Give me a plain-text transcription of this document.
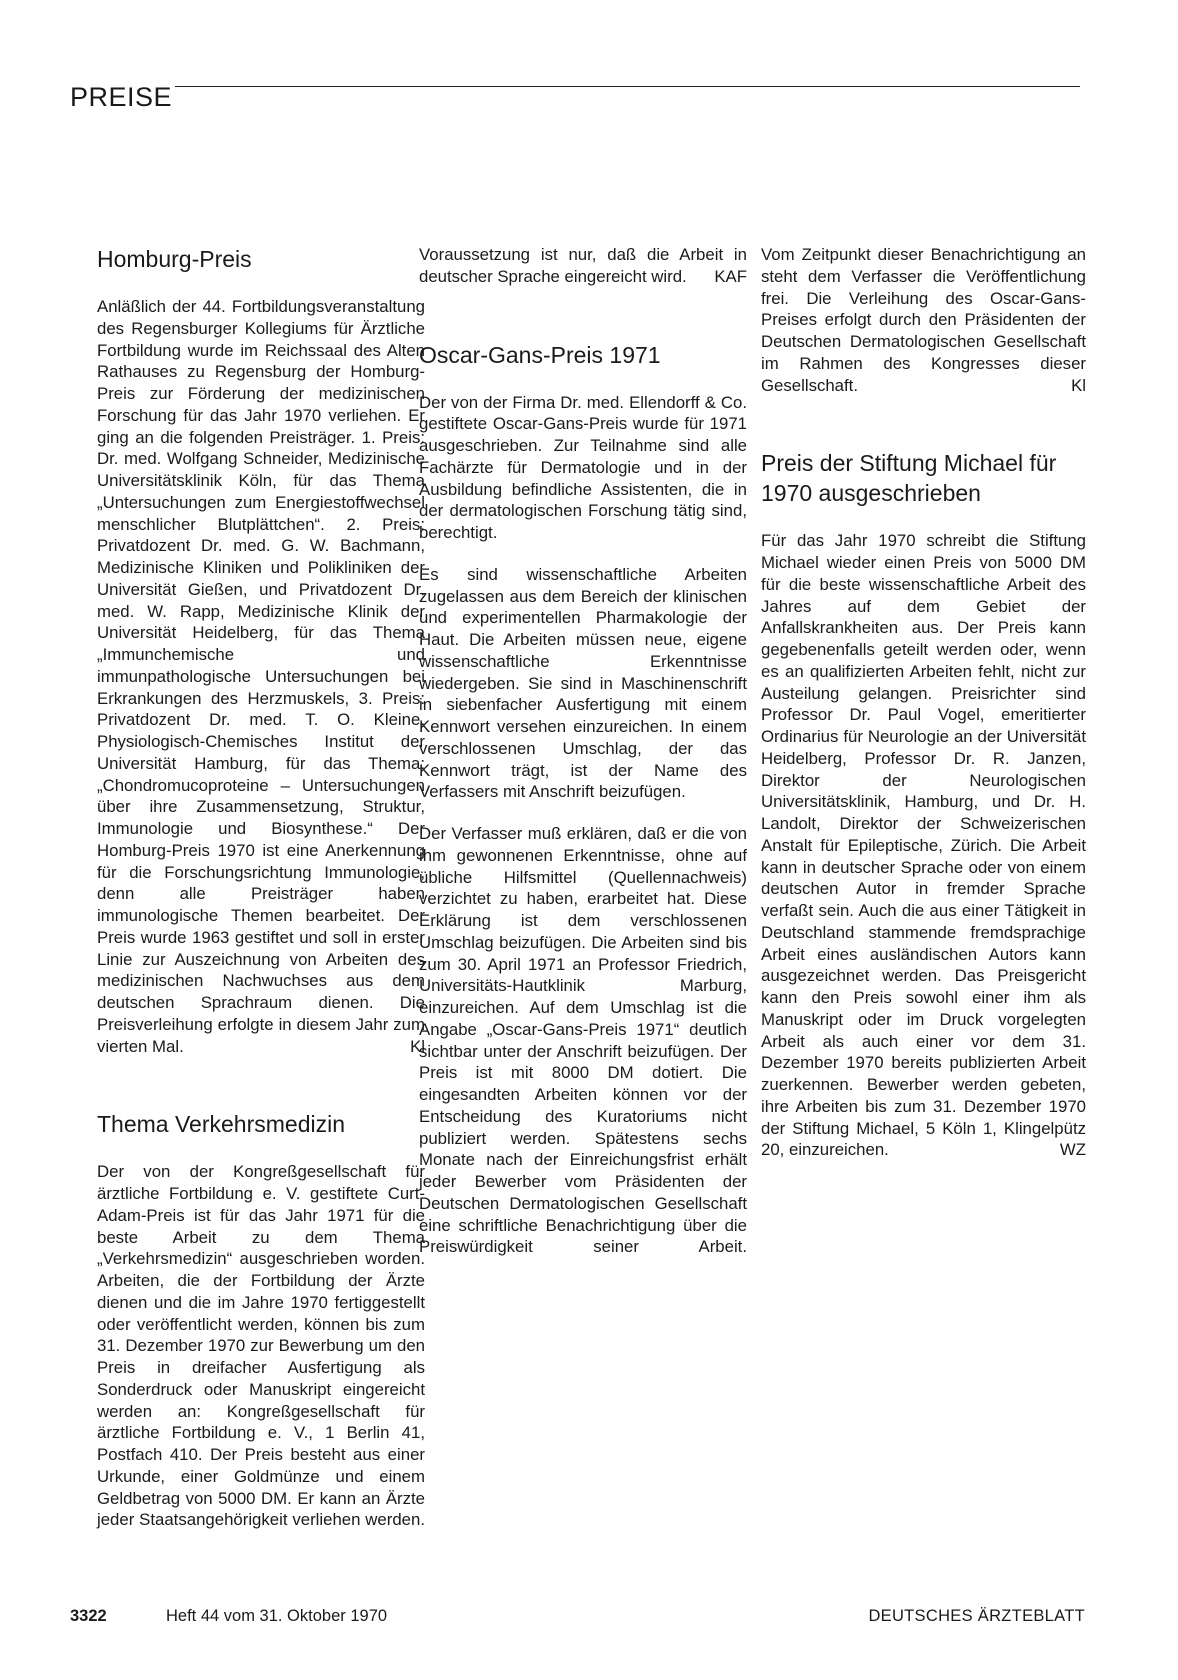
PREISE
Homburg-Preis

Anläßlich der 44. Fortbildungsveranstaltung des Regensburger Kollegiums für Ärztliche Fortbildung wurde im Reichssaal des Alten Rathauses zu Regensburg der Homburg-Preis zur Förderung der medizinischen Forschung für das Jahr 1970 verliehen. Er ging an die folgenden Preisträger. 1. Preis: Dr. med. Wolfgang Schneider, Medizinische Universitätsklinik Köln, für das Thema „Untersuchungen zum Energiestoffwechsel menschlicher Blutplättchen“. 2. Preis: Privatdozent Dr. med. G. W. Bachmann, Medizinische Kliniken und Polikliniken der Universität Gießen, und Privatdozent Dr. med. W. Rapp, Medizinische Klinik der Universität Heidelberg, für das Thema „Immunchemische und immunpathologische Untersuchungen bei Erkrankungen des Herzmuskels, 3. Preis: Privatdozent Dr. med. T. O. Kleine, Physiologisch-Chemisches Institut der Universität Hamburg, für das Thema: „Chondromucoproteine – Untersuchungen über ihre Zusammensetzung, Struktur, Immunologie und Biosynthese.“ Der Homburg-Preis 1970 ist eine Anerkennung für die Forschungsrichtung Immunologie, denn alle Preisträger haben immunologische Themen bearbeitet. Der Preis wurde 1963 gestiftet und soll in erster Linie zur Auszeichnung von Arbeiten des medizinischen Nachwuchses aus dem deutschen Sprachraum dienen. Die Preisverleihung erfolgte in diesem Jahr zum vierten Mal.	Kl

Thema Verkehrsmedizin

Der von der Kongreßgesellschaft für ärztliche Fortbildung e. V. gestiftete Curt-Adam-Preis ist für das Jahr 1971 für die beste Arbeit zu dem Thema „Verkehrsmedizin“ ausgeschrieben worden. Arbeiten, die der Fortbildung der Ärzte dienen und die im Jahre 1970 fertiggestellt oder veröffentlicht werden, können bis zum 31. Dezember 1970 zur Bewerbung um den Preis in dreifacher Ausfertigung als Sonderdruck oder Manuskript eingereicht werden an: Kongreßgesellschaft für ärztliche Fortbildung e. V., 1 Berlin 41, Postfach 410. Der Preis besteht aus einer Urkunde, einer Goldmünze und einem Geldbetrag von 5000 DM. Er kann an Ärzte jeder Staatsangehörigkeit verliehen werden.

Voraussetzung ist nur, daß die Arbeit in deutscher Sprache eingereicht wird. KAF

Oscar-Gans-Preis 1971

Der von der Firma Dr. med. Ellendorff & Co. gestiftete Oscar-Gans-Preis wurde für 1971 ausgeschrieben. Zur Teilnahme sind alle Fachärzte für Dermatologie und in der Ausbildung befindliche Assistenten, die in der dermatologischen Forschung tätig sind, berechtigt.

Es sind wissenschaftliche Arbeiten zugelassen aus dem Bereich der klinischen und experimentellen Pharmakologie der Haut. Die Arbeiten müssen neue, eigene wissenschaftliche Erkenntnisse wiedergeben. Sie sind in Maschinenschrift in siebenfacher Ausfertigung mit einem Kennwort versehen einzureichen. In einem verschlossenen Umschlag, der das Kennwort trägt, ist der Name des Verfassers mit Anschrift beizufügen.

Der Verfasser muß erklären, daß er die von ihm gewonnenen Erkenntnisse, ohne auf übliche Hilfsmittel (Quellennachweis) verzichtet zu haben, erarbeitet hat. Diese Erklärung ist dem verschlossenen Umschlag beizufügen. Die Arbeiten sind bis zum 30. April 1971 an Professor Friedrich, Universitäts-Hautklinik Marburg, einzureichen. Auf dem Umschlag ist die Angabe „Oscar-Gans-Preis 1971“ deutlich sichtbar unter der Anschrift beizufügen. Der Preis ist mit 8000 DM dotiert. Die eingesandten Arbeiten können vor der Entscheidung des Kuratoriums nicht publiziert werden. Spätestens sechs Monate nach der Einreichungsfrist erhält jeder Bewerber vom Präsidenten der Deutschen Dermatologischen Gesellschaft eine schriftliche Benachrichtigung über die Preiswürdigkeit seiner Arbeit.

Vom Zeitpunkt dieser Benachrichtigung an steht dem Verfasser die Veröffentlichung frei. Die Verleihung des Oscar-Gans-Preises erfolgt durch den Präsidenten der Deutschen Dermatologischen Gesellschaft im Rahmen des Kongresses dieser Gesellschaft.	Kl

Preis der Stiftung Michael für 1970 ausgeschrieben

Für das Jahr 1970 schreibt die Stiftung Michael wieder einen Preis von 5000 DM für die beste wissenschaftliche Arbeit des Jahres auf dem Gebiet der Anfallskrankheiten aus. Der Preis kann gegebenenfalls geteilt werden oder, wenn es an qualifizierten Arbeiten fehlt, nicht zur Austeilung gelangen. Preisrichter sind Professor Dr. Paul Vogel, emeritierter Ordinarius für Neurologie an der Universität Heidelberg, Professor Dr. R. Janzen, Direktor der Neurologischen Universitätsklinik, Hamburg, und Dr. H. Landolt, Direktor der Schweizerischen Anstalt für Epileptische, Zürich. Die Arbeit kann in deutscher Sprache oder von einem deutschen Autor in fremder Sprache verfaßt sein. Auch die aus einer Tätigkeit in Deutschland stammende fremdsprachige Arbeit eines ausländischen Autors kann ausgezeichnet werden. Das Preisgericht kann den Preis sowohl einer ihm als Manuskript oder im Druck vorgelegten Arbeit als auch einer vor dem 31. Dezember 1970 bereits publizierten Arbeit zuerkennen. Bewerber werden gebeten, ihre Arbeiten bis zum 31. Dezember 1970 der Stiftung Michael, 5 Köln 1, Klingelpütz 20, einzureichen.	WZ

3322	Heft 44 vom 31. Oktober 1970	DEUTSCHES ÄRZTEBLATT
